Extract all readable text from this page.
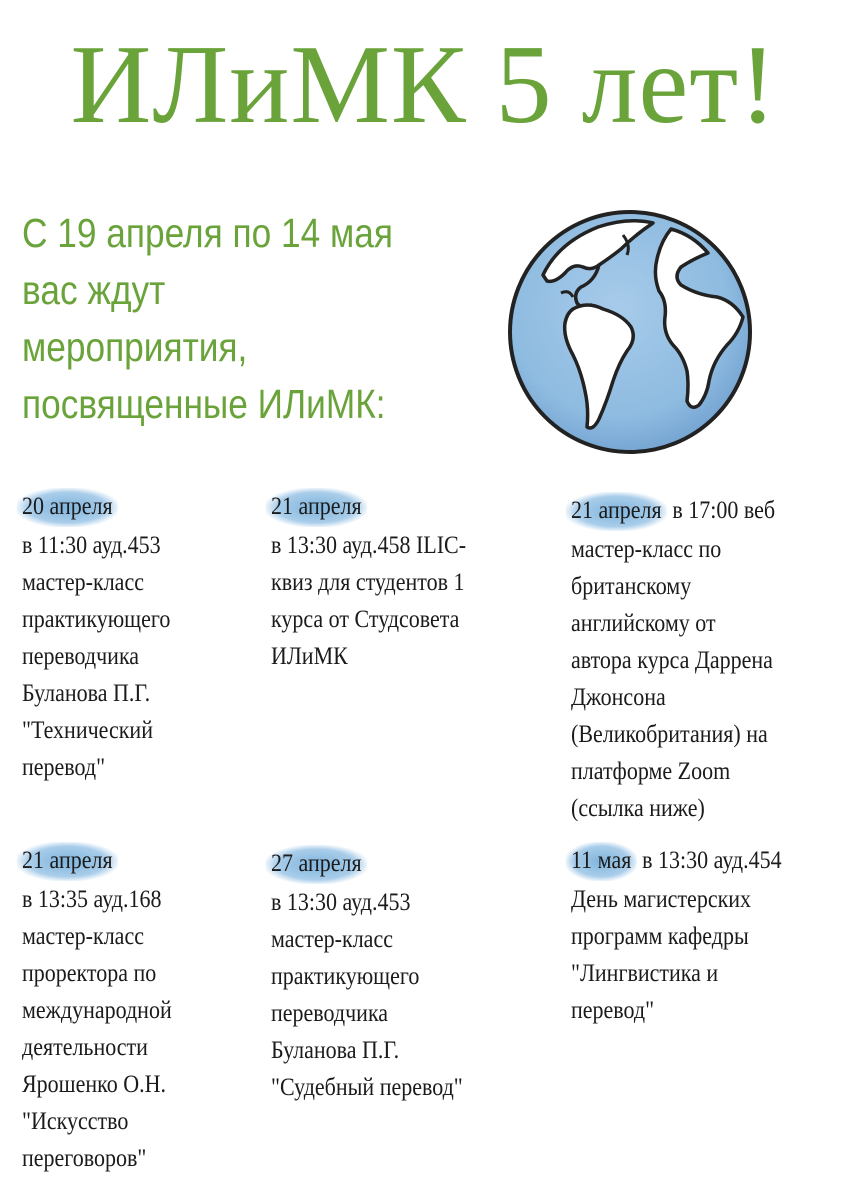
ИЛиМК 5 лет!
С 19 апреля по 14 мая
вас ждут
мероприятия,
посвященные ИЛиМК:
20 апреля
в 11:30 ауд.453
мастер-класс
практикующего
переводчика
Буланова П.Г.
"Технический
перевод"
21 апреля
в 13:30 ауд.458 ILIC-
квиз для студентов 1
курса от Студсовета
ИЛиМК
21 апреля в 17:00 веб
мастер-класс по
британскому
английскому от
автора курса Даррена
Джонсона
(Великобритания) на
платформе Zoom
(ссылка ниже)
21 апреля
в 13:35 ауд.168
мастер-класс
проректора по
международной
деятельности
Ярошенко О.Н.
"Искусство
переговоров"
27 апреля
в 13:30 ауд.453
мастер-класс
практикующего
переводчика
Буланова П.Г.
"Судебный перевод"
11 мая в 13:30 ауд.454
День магистерских
программ кафедры
"Лингвистика и
перевод"
